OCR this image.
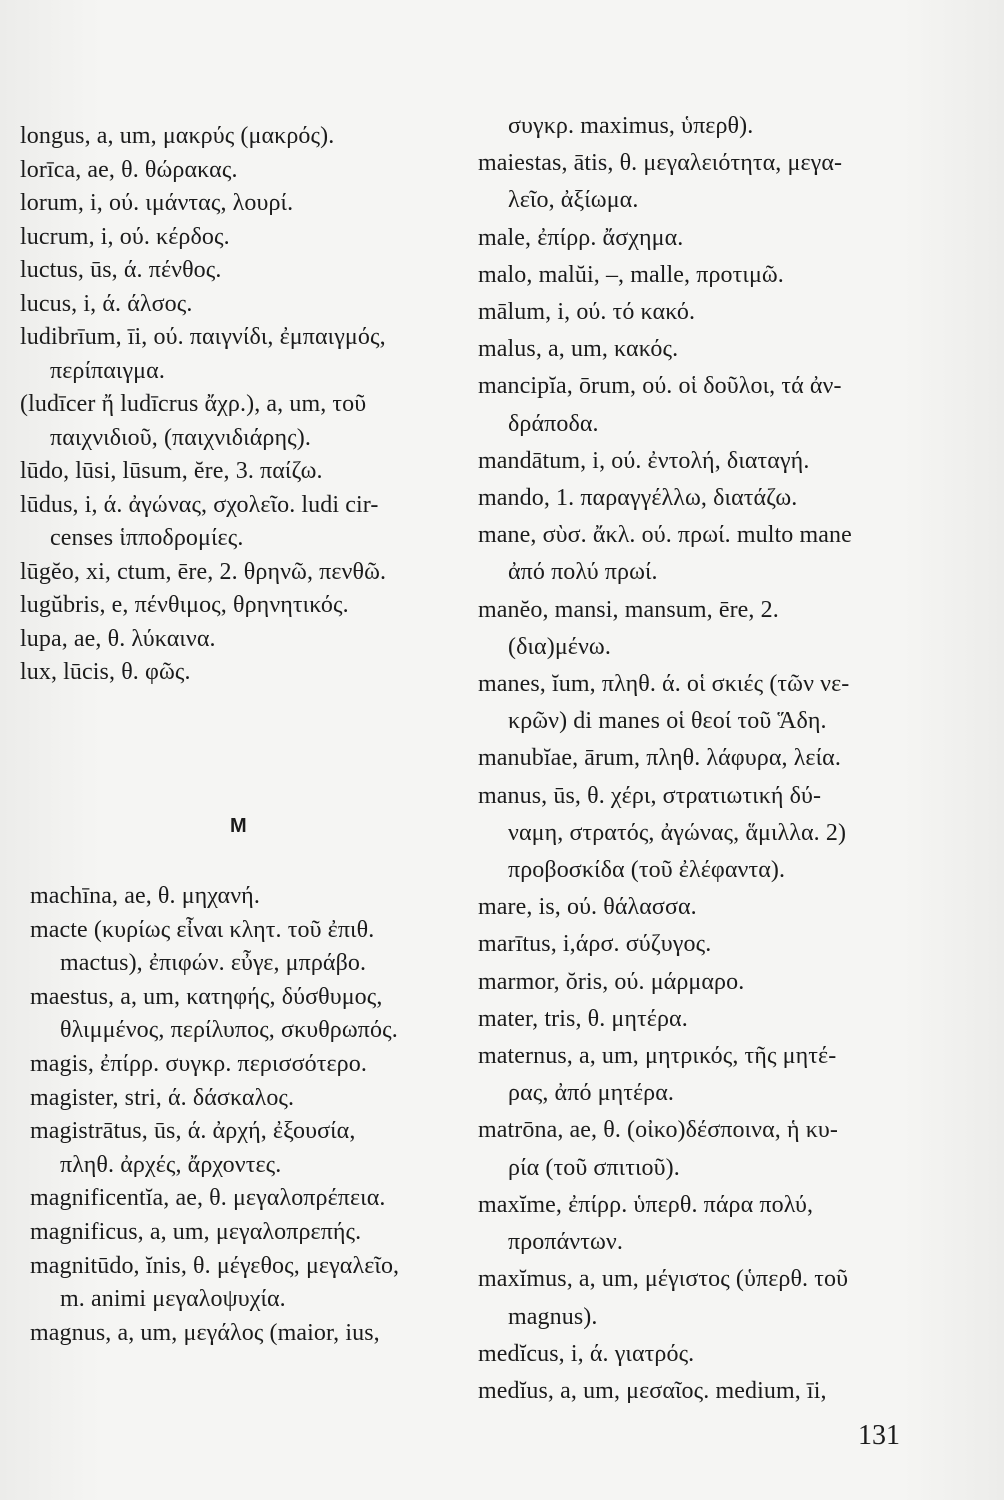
longus, a, um, μακρύς (μακρός).
lorīca, ae, θ. θώρακας.
lorum, i, ού. ιμάντας, λουρί.
lucrum, i, ού. κέρδος.
luctus, ūs, ά. πένθος.
lucus, i, ά. άλσος.
ludibrīum, īi, ού. παιγνίδι, ἐμπαιγμός,
περίπαιγμα.
(ludīcer ἤ ludīcrus ἄχρ.), a, um, τοῦ
παιχνιδιοῦ, (παιχνιδιάρης).
lūdo, lūsi, lūsum, ĕre, 3. παίζω.
lūdus, i, ά. ἀγώνας, σχολεῖο. ludi cir-
censes ἱπποδρομίες.
lūgĕo, xi, ctum, ēre, 2. θρηνῶ, πενθῶ.
lugŭbris, e, πένθιμος, θρηνητικός.
lupa, ae, θ. λύκαινα.
lux, lūcis, θ. φῶς.
M
machīna, ae, θ. μηχανή.
macte (κυρίως εἶναι κλητ. τοῦ ἐπιθ.
mactus), ἐπιφών. εὖγε, μπράβο.
maestus, a, um, κατηφής, δύσθυμος,
θλιμμένος, περίλυπος, σκυθρωπός.
magis, ἐπίρρ. συγκρ. περισσότερο.
magister, stri, ά. δάσκαλος.
magistrātus, ūs, ά. ἀρχή, ἐξουσία,
πληθ. ἀρχές, ἄρχοντες.
magnificentĭa, ae, θ. μεγαλοπρέπεια.
magnificus, a, um, μεγαλοπρεπής.
magnitūdo, ĭnis, θ. μέγεθος, μεγαλεῖο,
m. animi μεγαλοψυχία.
magnus, a, um, μεγάλος (maior, ius,
συγκρ. maximus, ὑπερθ).
maiestas, ātis, θ. μεγαλειότητα, μεγα-
λεῖο, ἀξίωμα.
male, ἐπίρρ. ἄσχημα.
malo, malŭi, –, malle, προτιμῶ.
mālum, i, ού. τό κακό.
malus, a, um, κακός.
mancipĭa, ōrum, ού. οἱ δοῦλοι, τά ἀν-
δράποδα.
mandātum, i, ού. ἐντολή, διαταγή.
mando, 1. παραγγέλλω, διατάζω.
mane, σὺσ. ἄκλ. ού. πρωί. multo mane
ἀπό πολύ πρωί.
manĕo, mansi, mansum, ēre, 2.
(δια)μένω.
manes, ĭum, πληθ. ά. οἱ σκιές (τῶν νε-
κρῶν) di manes οἱ θεοί τοῦ Ἅδη.
manubĭae, ārum, πληθ. λάφυρα, λεία.
manus, ūs, θ. χέρι, στρατιωτική δύ-
ναμη, στρατός, ἀγώνας, ἅμιλλα. 2)
προβοσκίδα (τοῦ ἐλέφαντα).
mare, is, ού. θάλασσα.
marītus, i,άρσ. σύζυγος.
marmor, ŏris, ού. μάρμαρο.
mater, tris, θ. μητέρα.
maternus, a, um, μητρικός, τῆς μητέ-
ρας, ἀπό μητέρα.
matrōna, ae, θ. (οἰκο)δέσποινα, ἡ κυ-
ρία (τοῦ σπιτιοῦ).
maxĭme, ἐπίρρ. ὑπερθ. πάρα πολύ,
προπάντων.
maxĭmus, a, um, μέγιστος (ὑπερθ. τοῦ
magnus).
medĭcus, i, ά. γιατρός.
medĭus, a, um, μεσαῖος. medium, īi,
131
